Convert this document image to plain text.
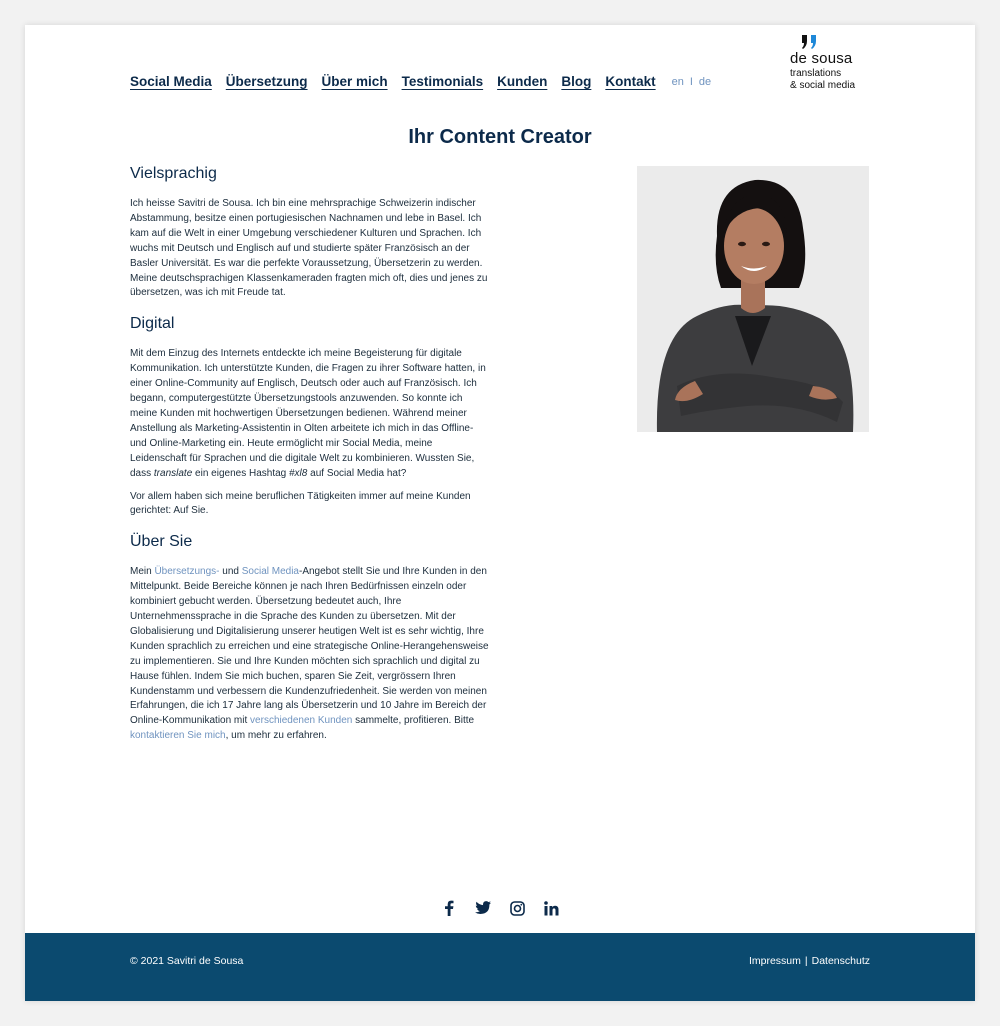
Social Media Übersetzung Über mich Testimonials Kunden Blog Kontakt en I de
de sousa
translations
& social media
Ihr Content Creator
Vielsprachig

Ich heisse Savitri de Sousa. Ich bin eine mehrsprachige Schweizerin indischer Abstammung, besitze einen portugiesischen Nachnamen und lebe in Basel. Ich kam auf die Welt in einer Umgebung verschiedener Kulturen und Sprachen. Ich wuchs mit Deutsch und Englisch auf und studierte später Französisch an der Basler Universität. Es war die perfekte Voraussetzung, Übersetzerin zu werden. Meine deutschsprachigen Klassenkameraden fragten mich oft, dies und jenes zu übersetzen, was ich mit Freude tat.

Digital

Mit dem Einzug des Internets entdeckte ich meine Begeisterung für digitale Kommunikation. Ich unterstützte Kunden, die Fragen zu ihrer Software hatten, in einer Online-Community auf Englisch, Deutsch oder auch auf Französisch. Ich begann, computergestützte Übersetzungstools anzuwenden. So konnte ich meine Kunden mit hochwertigen Übersetzungen bedienen. Während meiner Anstellung als Marketing-Assistentin in Olten arbeitete ich mich in das Offline- und Online-Marketing ein. Heute ermöglicht mir Social Media, meine Leidenschaft für Sprachen und die digitale Welt zu kombinieren. Wussten Sie, dass translate ein eigenes Hashtag #xl8 auf Social Media hat?

Vor allem haben sich meine beruflichen Tätigkeiten immer auf meine Kunden gerichtet: Auf Sie.

Über Sie

Mein Übersetzungs- und Social Media-Angebot stellt Sie und Ihre Kunden in den Mittelpunkt. Beide Bereiche können je nach Ihren Bedürfnissen einzeln oder kombiniert gebucht werden. Übersetzung bedeutet auch, Ihre Unternehmenssprache in die Sprache des Kunden zu übersetzen. Mit der Globalisierung und Digitalisierung unserer heutigen Welt ist es sehr wichtig, Ihre Kunden sprachlich zu erreichen und eine strategische Online-Herangehensweise zu implementieren. Sie und Ihre Kunden möchten sich sprachlich und digital zu Hause fühlen. Indem Sie mich buchen, sparen Sie Zeit, vergrössern Ihren Kundenstamm und verbessern die Kundenzufriedenheit. Sie werden von meinen Erfahrungen, die ich 17 Jahre lang als Übersetzerin und 10 Jahre im Bereich der Online-Kommunikation mit verschiedenen Kunden sammelte, profitieren. Bitte kontaktieren Sie mich, um mehr zu erfahren.

© 2021 Savitri de Sousa	Impressum | Datenschutz
